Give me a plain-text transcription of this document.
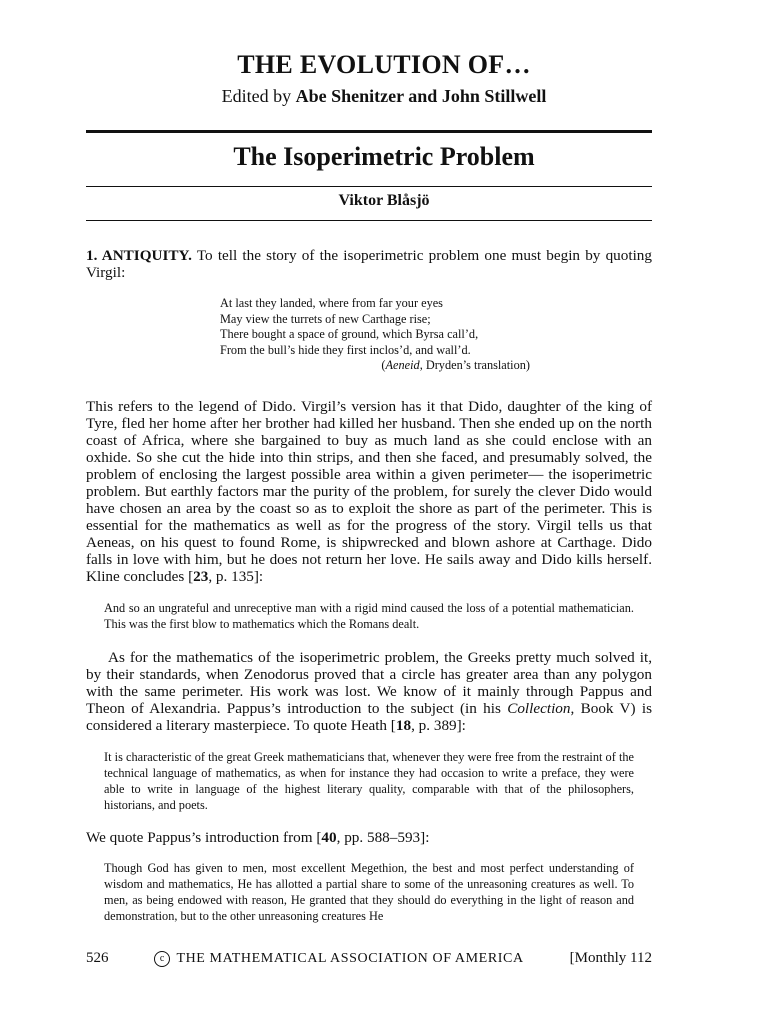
THE EVOLUTION OF…
Edited by Abe Shenitzer and John Stillwell
The Isoperimetric Problem
Viktor Blåsjö

1. ANTIQUITY. To tell the story of the isoperimetric problem one must begin by quoting Virgil:

At last they landed, where from far your eyes
May view the turrets of new Carthage rise;
There bought a space of ground, which Byrsa call’d,
From the bull’s hide they first inclos’d, and wall’d.
(Aeneid, Dryden’s translation)

This refers to the legend of Dido. Virgil’s version has it that Dido, daughter of the king of Tyre, fled her home after her brother had killed her husband. Then she ended up on the north coast of Africa, where she bargained to buy as much land as she could enclose with an oxhide. So she cut the hide into thin strips, and then she faced, and presumably solved, the problem of enclosing the largest possible area within a given perimeter— the isoperimetric problem. But earthly factors mar the purity of the problem, for surely the clever Dido would have chosen an area by the coast so as to exploit the shore as part of the perimeter. This is essential for the mathematics as well as for the progress of the story. Virgil tells us that Aeneas, on his quest to found Rome, is shipwrecked and blown ashore at Carthage. Dido falls in love with him, but he does not return her love. He sails away and Dido kills herself. Kline concludes [23, p. 135]:

And so an ungrateful and unreceptive man with a rigid mind caused the loss of a potential mathematician. This was the first blow to mathematics which the Romans dealt.

As for the mathematics of the isoperimetric problem, the Greeks pretty much solved it, by their standards, when Zenodorus proved that a circle has greater area than any polygon with the same perimeter. His work was lost. We know of it mainly through Pappus and Theon of Alexandria. Pappus’s introduction to the subject (in his Collection, Book V) is considered a literary masterpiece. To quote Heath [18, p. 389]:

It is characteristic of the great Greek mathematicians that, whenever they were free from the restraint of the technical language of mathematics, as when for instance they had occasion to write a preface, they were able to write in language of the highest literary quality, comparable with that of the philosophers, historians, and poets.

We quote Pappus’s introduction from [40, pp. 588–593]:

Though God has given to men, most excellent Megethion, the best and most perfect understanding of wisdom and mathematics, He has allotted a partial share to some of the unreasoning creatures as well. To men, as being endowed with reason, He granted that they should do everything in the light of reason and demonstration, but to the other unreasoning creatures He

526	c THE MATHEMATICAL ASSOCIATION OF AMERICA	[Monthly 112
